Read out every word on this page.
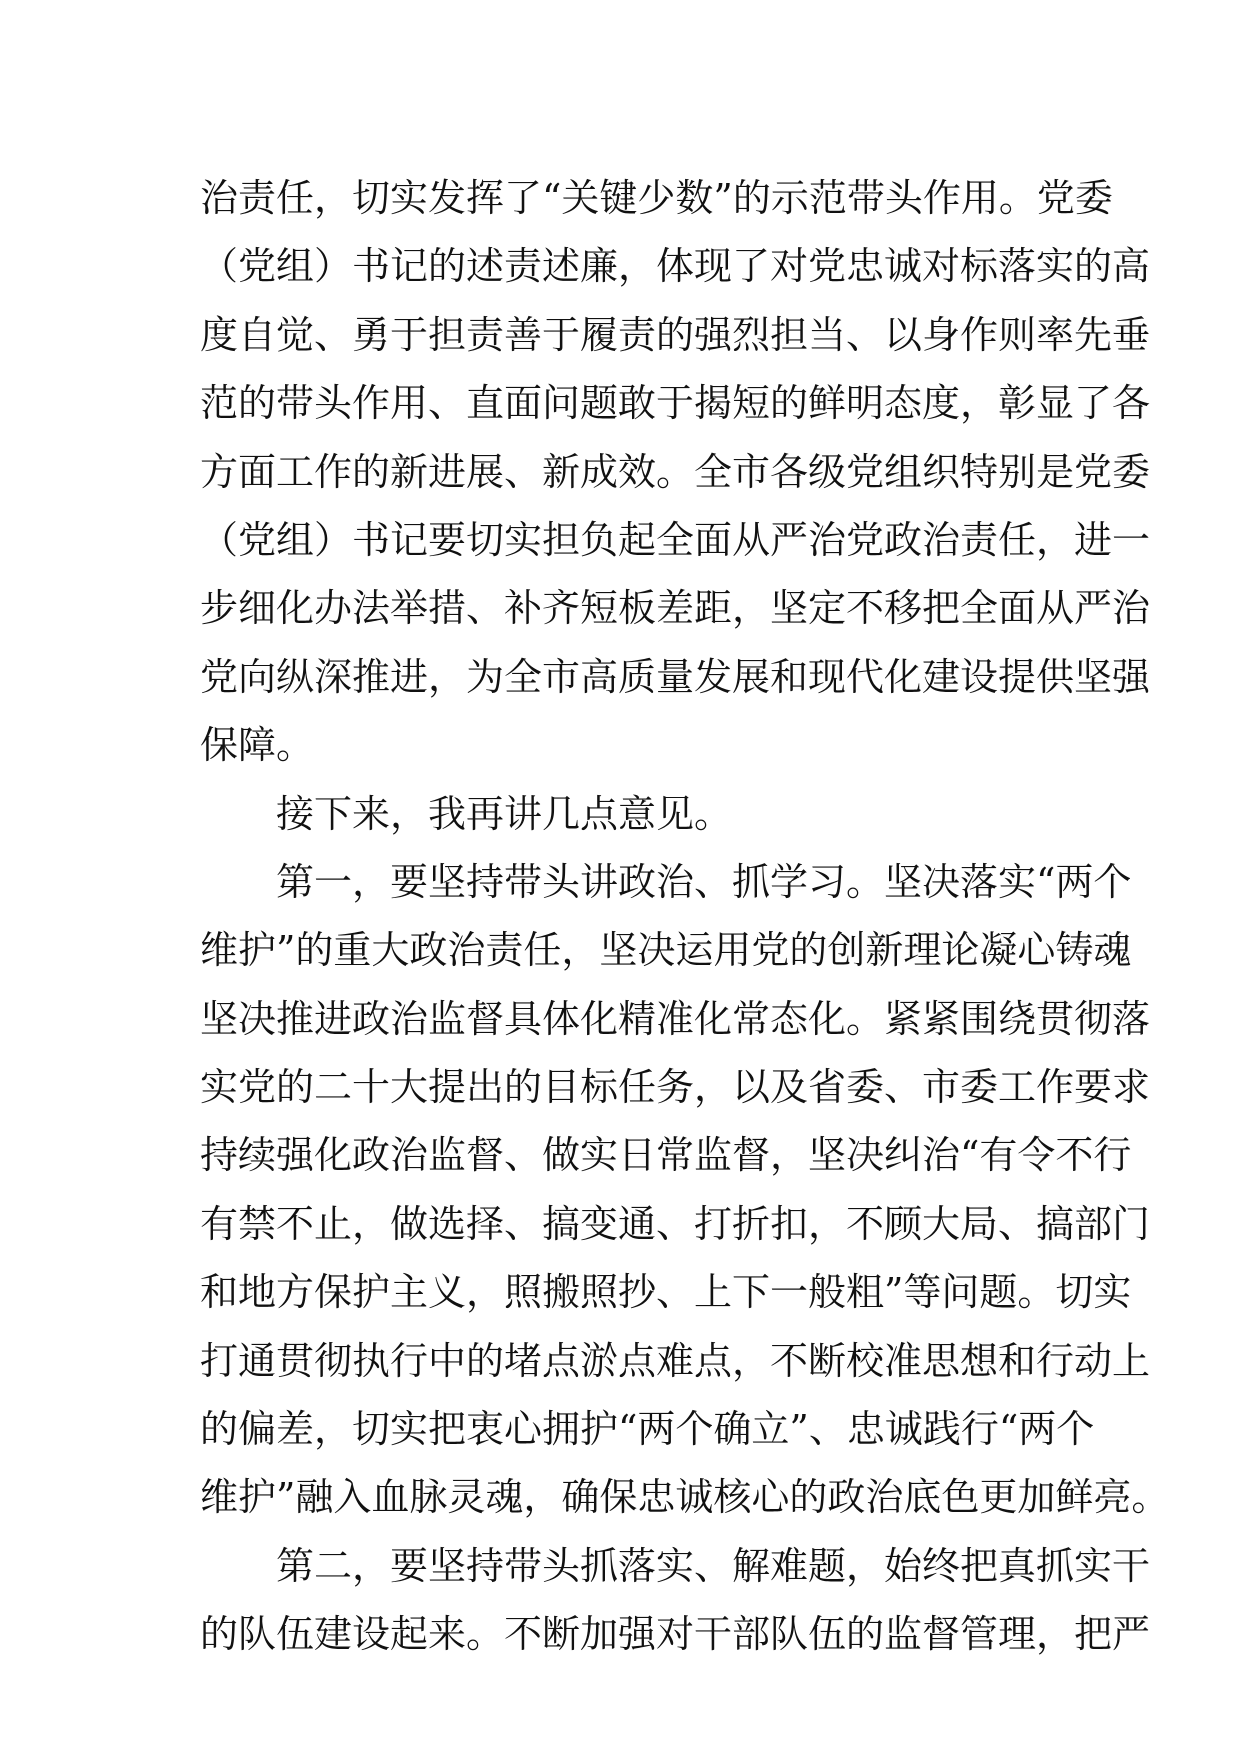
治责任，切实发挥了“关键少数”的示范带头作用。党委
（党组）书记的述责述廉，体现了对党忠诚对标落实的高
度自觉、勇于担责善于履责的强烈担当、以身作则率先垂
范的带头作用、直面问题敢于揭短的鲜明态度，彰显了各
方面工作的新进展、新成效。全市各级党组织特别是党委
（党组）书记要切实担负起全面从严治党政治责任，进一
步细化办法举措、补齐短板差距，坚定不移把全面从严治
党向纵深推进，为全市高质量发展和现代化建设提供坚强
保障。
接下来，我再讲几点意见。
第一，要坚持带头讲政治、抓学习。坚决落实“两个
维护”的重大政治责任，坚决运用党的创新理论凝心铸魂
坚决推进政治监督具体化精准化常态化。紧紧围绕贯彻落
实党的二十大提出的目标任务，以及省委、市委工作要求
持续强化政治监督、做实日常监督，坚决纠治“有令不行
有禁不止，做选择、搞变通、打折扣，不顾大局、搞部门
和地方保护主义，照搬照抄、上下一般粗”等问题。切实
打通贯彻执行中的堵点淤点难点，不断校准思想和行动上
的偏差，切实把衷心拥护“两个确立”、忠诚践行“两个
维护”融入血脉灵魂，确保忠诚核心的政治底色更加鲜亮。
第二，要坚持带头抓落实、解难题，始终把真抓实干
的队伍建设起来。不断加强对干部队伍的监督管理，把严
